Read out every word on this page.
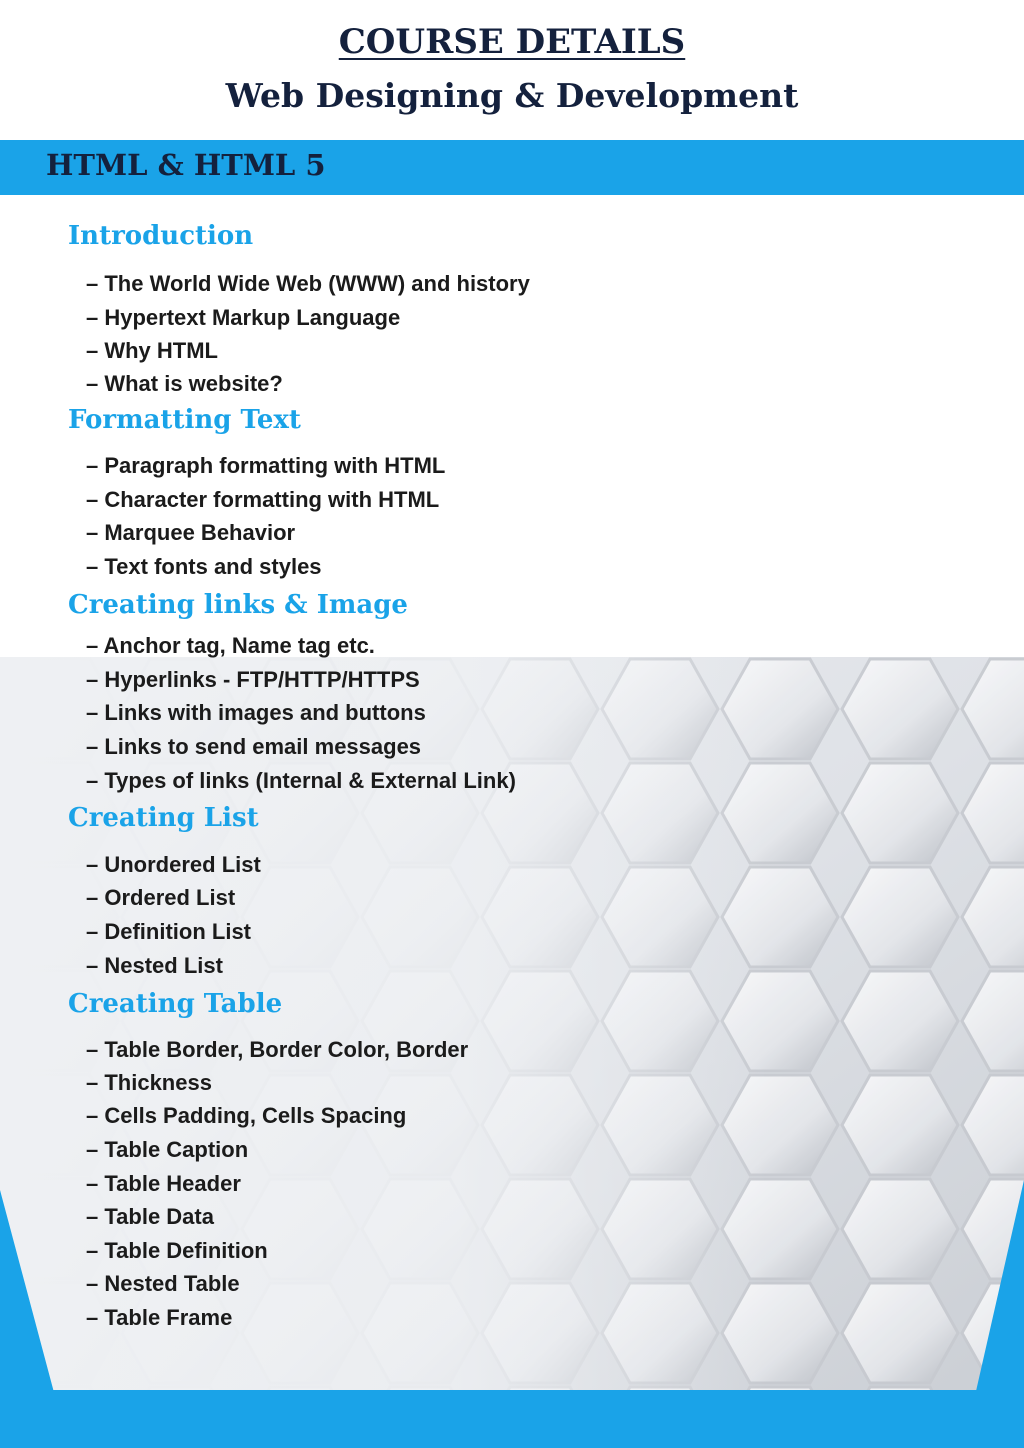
COURSE DETAILS
Web Designing & Development
HTML & HTML 5
Introduction

– The World Wide Web (WWW) and history

– Hypertext Markup Language

– Why HTML

– What is website?

Formatting Text

– Paragraph formatting with HTML

– Character formatting with HTML

– Marquee Behavior

– Text fonts and styles

Creating links & Image

– Anchor tag, Name tag etc.

– Hyperlinks - FTP/HTTP/HTTPS

– Links with images and buttons

– Links to send email messages

– Types of links (Internal & External Link)

Creating List

– Unordered List

– Ordered List

– Definition List

– Nested List

Creating Table

– Table Border, Border Color, Border

– Thickness

– Cells Padding, Cells Spacing

– Table Caption

– Table Header

– Table Data

– Table Definition

– Nested Table

– Table Frame
